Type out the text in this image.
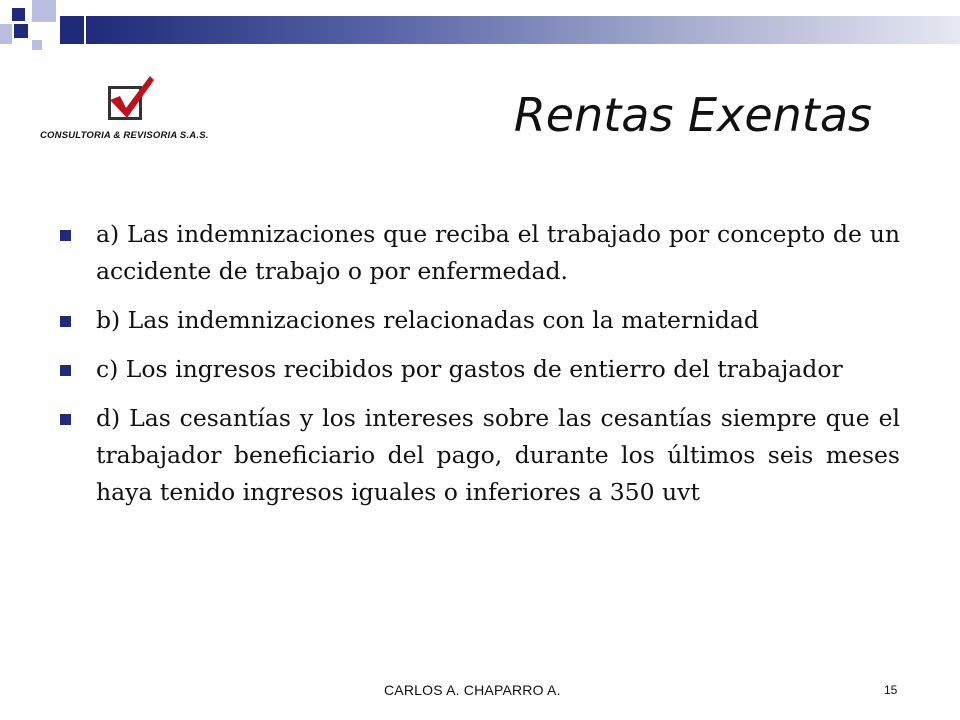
CONSULTORIA & REVISORIA S.A.S.	Rentas Exentas
a) Las indemnizaciones que reciba el trabajado por concepto de un accidente de trabajo o por enfermedad.
b) Las indemnizaciones relacionadas con la maternidad
c) Los ingresos recibidos por gastos de entierro del trabajador
d) Las cesantías y los intereses sobre las cesantías siempre que el trabajador beneficiario del pago, durante los últimos seis meses haya tenido ingresos iguales o inferiores a 350 uvt
CARLOS A. CHAPARRO A.	15
